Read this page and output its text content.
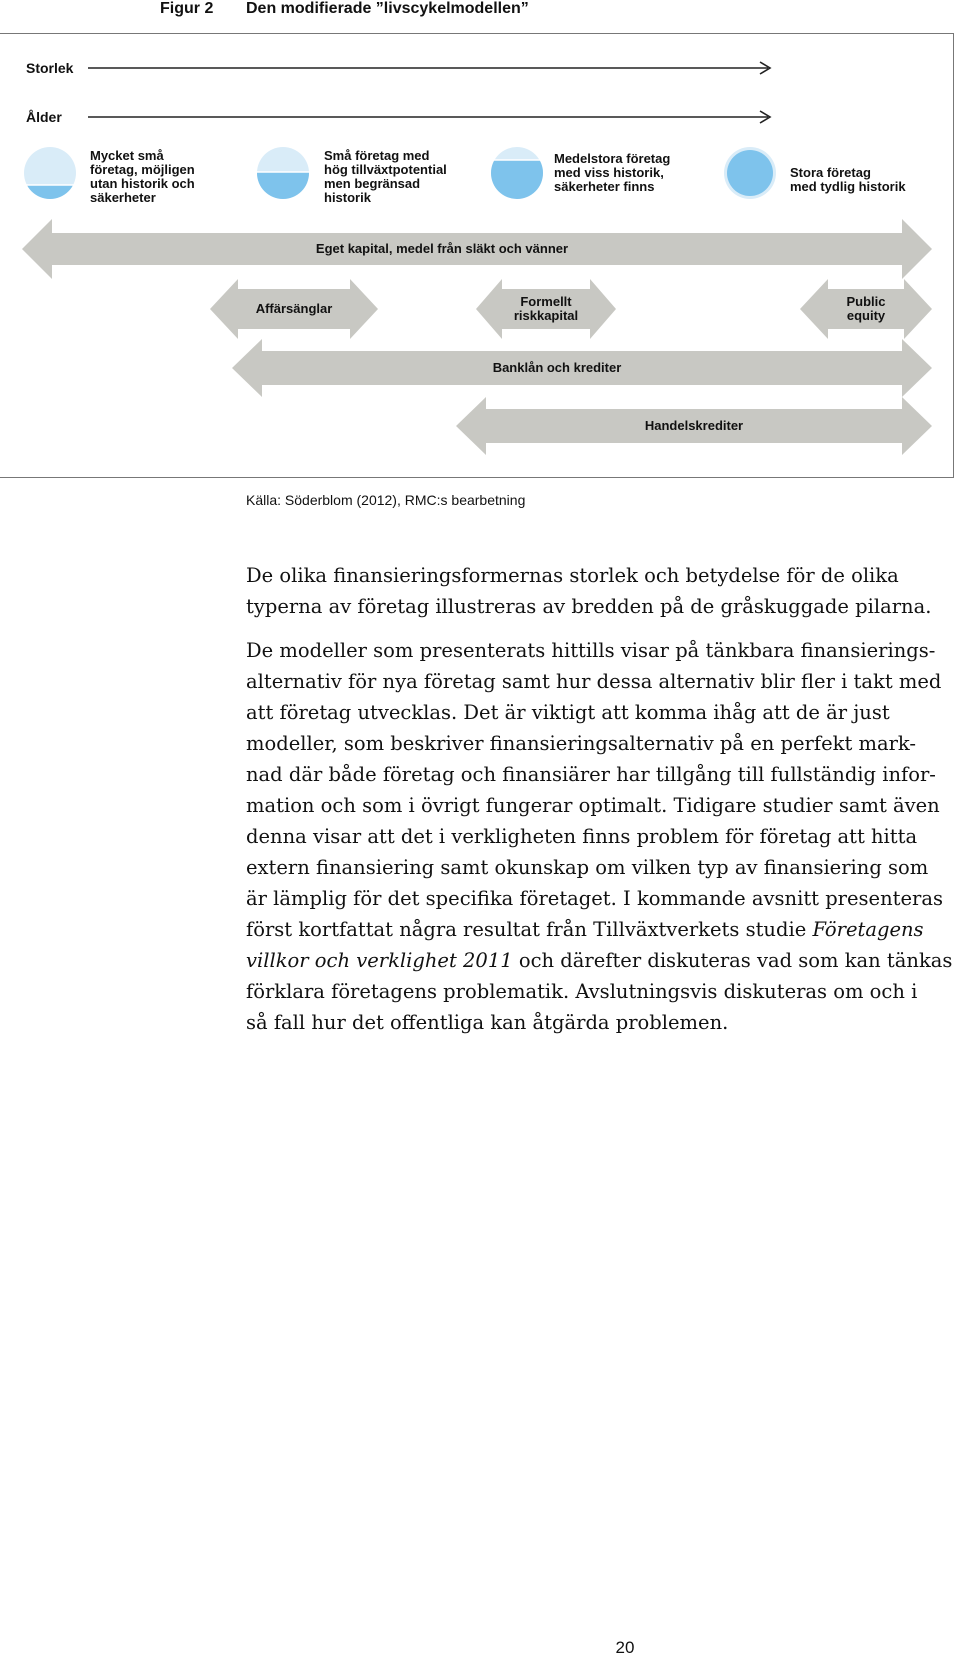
Figur 2 Den modifierade ”livscykelmodellen”
Storlek
Ålder
Mycket små
företag, möjligen
utan historik och
säkerheter
Små företag med
hög tillväxtpotential
men begränsad
historik
Medelstora företag
med viss historik,
säkerheter finns
Stora företag
med tydlig historik
Eget kapital, medel från släkt och vänner
Affärsänglar	Formellt
riskkapital
Public
equity
Banklån och krediter
Handelskrediter
Källa: Söderblom (2012), RMC:s bearbetning
De olika finansieringsformernas storlek och betydelse för de olika
typerna av företag illustreras av bredden på de gråskuggade pilarna.
De modeller som presenterats hittills visar på tänkbara finansierings-
alternativ för nya företag samt hur dessa alternativ blir fler i takt med
att företag utvecklas. Det är viktigt att komma ihåg att de är just
modeller, som beskriver finansieringsalternativ på en perfekt mark-
nad där både företag och finansiärer har tillgång till fullständig infor-
mation och som i övrigt fungerar optimalt. Tidigare studier samt även
denna visar att det i verkligheten finns problem för företag att hitta
extern finansiering samt okunskap om vilken typ av finansiering som
är lämplig för det specifika företaget. I kommande avsnitt presenteras
först kortfattat några resultat från Tillväxtverkets studie Företagens
villkor och verklighet 2011 och därefter diskuteras vad som kan tänkas
förklara företagens problematik. Avslutningsvis diskuteras om och i
så fall hur det offentliga kan åtgärda problemen.
20
